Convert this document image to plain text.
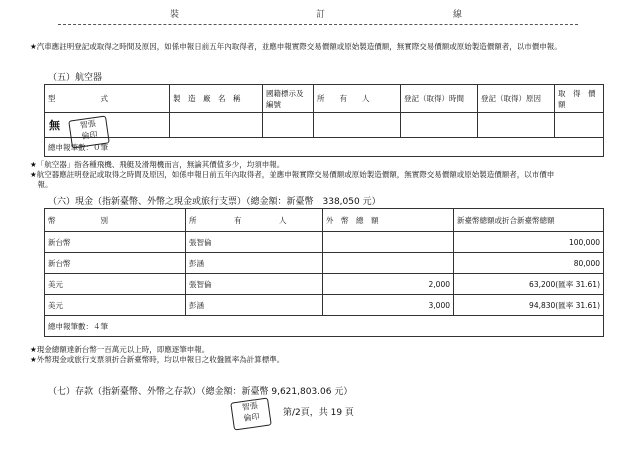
裝	訂	線
★汽車應註明登記或取得之時間及原因，如係申報日前五年內取得者，並應申報實際交易價額或原始製造價額，無實際交易價額或原始製造價額者，以市價申報。
（五）航空器
型　　　　　　式	製　造　廠　名　稱	國籍標示及編號	所　　有　　人	登記（取得）時間	登記（取得）原因	取　得　價　額

無						

總申報筆數：０筆						
智張
倫印
★「航空器」指各種飛機、飛艇及滑翔機而言，無論其價值多少，均須申報。
★航空器應註明登記或取得之時間及原因，如係申報日前五年內取得者，並應申報實際交易價額或原始製造價額，無實際交易價額或原始製造價額者，以市價申
　報。
（六）現金（指新臺幣、外幣之現金或旅行支票）（總金額：新臺幣　338,050 元）
幣　　　　　　別	所　　　　　有　　　　　人	外　幣　總　額	新臺幣總額或折合新臺幣總額
新台幣	張智倫		100,000
新台幣	彭涵		80,000
美元	張智倫	2,000	63,200(匯率 31.61)
美元	彭涵	3,000	94,830(匯率 31.61)
總申報筆數：４筆			
★現金總額達新台幣一百萬元以上時，即應逐筆申報。
★外幣現金或旅行支票須折合新臺幣時，均以申報日之收盤匯率為計算標準。
（七）存款（指新臺幣、外幣之存款）（總金額：新臺幣 9,621,803.06 元）
智張
倫印	第/2頁，共 19 頁
